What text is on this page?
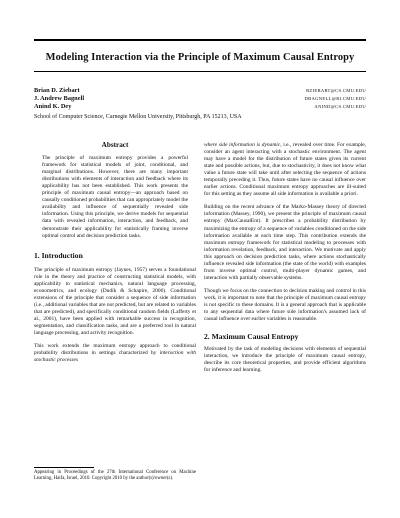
Modeling Interaction via the Principle of Maximum Causal Entropy
Brian D. Ziebart
J. Andrew Bagnell
Anind K. Dey
BZIEBART@CS.CMU.EDU
DBAGNELL@RI.CMU.EDU
ANIND@CS.CMU.EDU
School of Computer Science, Carnegie Mellon University, Pittsburgh, PA 15213, USA
Abstract

The principle of maximum entropy provides a powerful framework for statistical models of joint, conditional, and marginal distributions. However, there are many important distributions with elements of interaction and feedback where its applicability has not been established. This work presents the principle of maximum causal entropy—an approach based on causally conditioned probabilities that can appropriately model the availability and influence of sequentially revealed side information. Using this principle, we derive models for sequential data with revealed information, interaction, and feedback, and demonstrate their applicability for statistically framing inverse optimal control and decision prediction tasks.

1. Introduction

The principle of maximum entropy (Jaynes, 1957) serves a foundational role in the theory and practice of constructing statistical models, with applicability to statistical mechanics, natural language processing, econometrics, and ecology (Dudík & Schapire, 2006). Conditional extensions of the principle that consider a sequence of side information (i.e., additional variables that are not predicted, but are related to variables that are predicted), and specifically conditional random fields (Lafferty et al., 2001), have been applied with remarkable success in recognition, segmentation, and classification tasks, and are a preferred tool in natural language processing, and activity recognition.

This work extends the maximum entropy approach to conditional probability distributions in settings characterized by interaction with stochastic processes

Appearing in Proceedings of the 27th International Conference on Machine Learning, Haifa, Israel, 2010. Copyright 2010 by the author(s)/owner(s).

where side information is dynamic, i.e., revealed over time. For example, consider an agent interacting with a stochastic environment. The agent may have a model for the distribution of future states given its current state and possible actions, but, due to stochasticity, it does not know what value a future state will take until after selecting the sequence of actions temporally preceding it. Thus, future states have no causal influence over earlier actions. Conditional maximum entropy approaches are ill-suited for this setting as they assume all side information is available a priori.

Building on the recent advance of the Marko-Massey theory of directed information (Massey, 1990), we present the principle of maximum causal entropy (MaxCausalEnt). It prescribes a probability distribution by maximizing the entropy of a sequence of variables conditioned on the side information available at each time step. This contribution extends the maximum entropy framework for statistical modeling to processes with information revelation, feedback, and interaction. We motivate and apply this approach on decision prediction tasks, where actions stochastically influence revealed side information (the state of the world) with examples from inverse optimal control, multi-player dynamic games, and interaction with partially observable systems.

Though we focus on the connection to decision making and control in this work, it is important to note that the principle of maximum causal entropy is not specific to these domains. It is a general approach that is applicable to any sequential data where future side information's assumed lack of causal influence over earlier variables is reasonable.

2. Maximum Causal Entropy

Motivated by the task of modeling decisions with elements of sequential interaction, we introduce the principle of maximum causal entropy, describe its core theoretical properties, and provide efficient algorithms for inference and learning.
